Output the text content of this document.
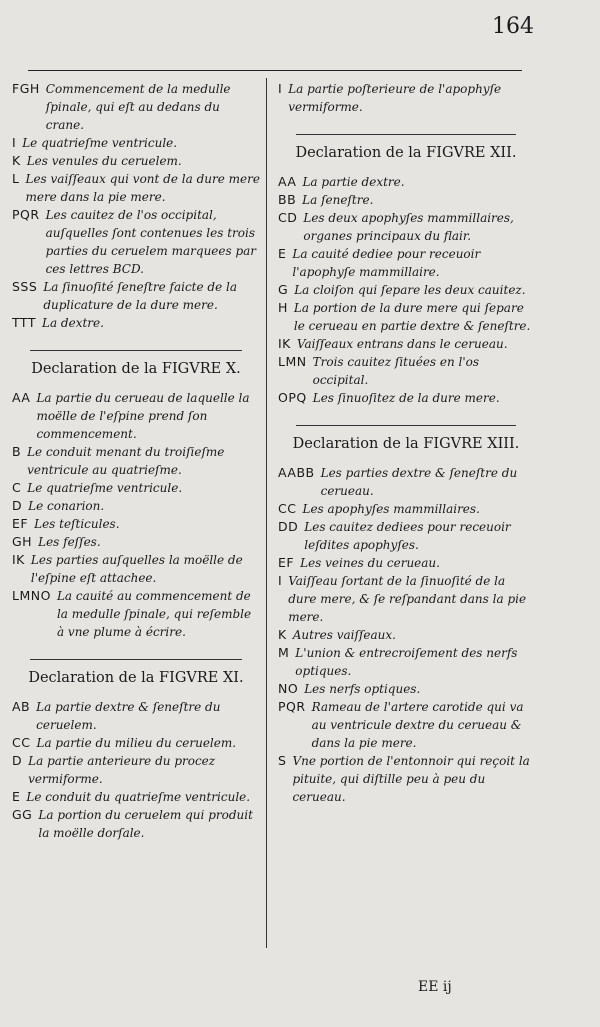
164
FGH Commencement de la medulle ſpinale, qui eſt au dedans du crane.
I Le quatrieſme ventricule.
K Les venules du cerueleт.
L Les vaiſſeaux qui vont de la dure mere mere dans la pie mere.
PQR Les cauitez de l'os occipital, auſquelles ſont contenues les trois parties du cerueleт marquees par ces lettres BCD.
SSS La ſinuoſité ſeneſtre faicte de la duplicature de la dure mere.
TTT La dextre.
Declaration de la FIGVRE X.
AA La partie du cerueau de laquelle la moëlle de l'eſpine prend ſon commencement.
B Le conduit menant du troiſieſme ventricule au quatrieſme.
C Le quatrieſme ventricule.
D Le conarion.
EF Les teſticules.
GH Les feſſes.
IK Les parties auſquelles la moëlle de l'eſpine eſt attachee.
LMNO La cauité au commencement de la medulle ſpinale, qui reſemble à vne plume à écrire.
Declaration de la FIGVRE XI.
AB La partie dextre & ſeneſtre du cerueleт.
CC La partie du milieu du cerueleт.
D La partie anterieure du procez vermiforme.
E Le conduit du quatrieſme ventricule.
GG La portion du cerueleт qui produit la moëlle dorſale.
I La partie poſterieure de l'apophyſe vermiforme.
Declaration de la FIGVRE XII.
AA La partie dextre.
BB La ſeneſtre.
CD Les deux apophyſes mammillaires, organes principaux du flair.
E La cauité dediee pour receuoir l'apophyſe mammillaire.
G La cloiſon qui ſepare les deux cauitez.
H La portion de la dure mere qui ſepare le cerueau en partie dextre & ſeneſtre.
IK Vaiſſeaux entrans dans le cerueau.
LMN Trois cauitez ſituées en l'os occipital.
OPQ Les ſinuoſitez de la dure mere.
Declaration de la FIGVRE XIII.
AABB Les parties dextre & ſeneſtre du cerueau.
CC Les apophyſes mammillaires.
DD Les cauitez dediees pour receuoir leſdites apophyſes.
EF Les veines du cerueau.
I Vaiſſeau ſortant de la ſinuoſité de la dure mere, & ſe reſpandant dans la pie mere.
K Autres vaiſſeaux.
M L'union & entrecroiſement des nerfs optiques.
NO Les nerfs optiques.
PQR Rameau de l'artere carotide qui va au ventricule dextre du cerueau & dans la pie mere.
S Vne portion de l'entonnoir qui reçoit la pituite, qui diſtille peu à peu du cerueau.
EE ij
